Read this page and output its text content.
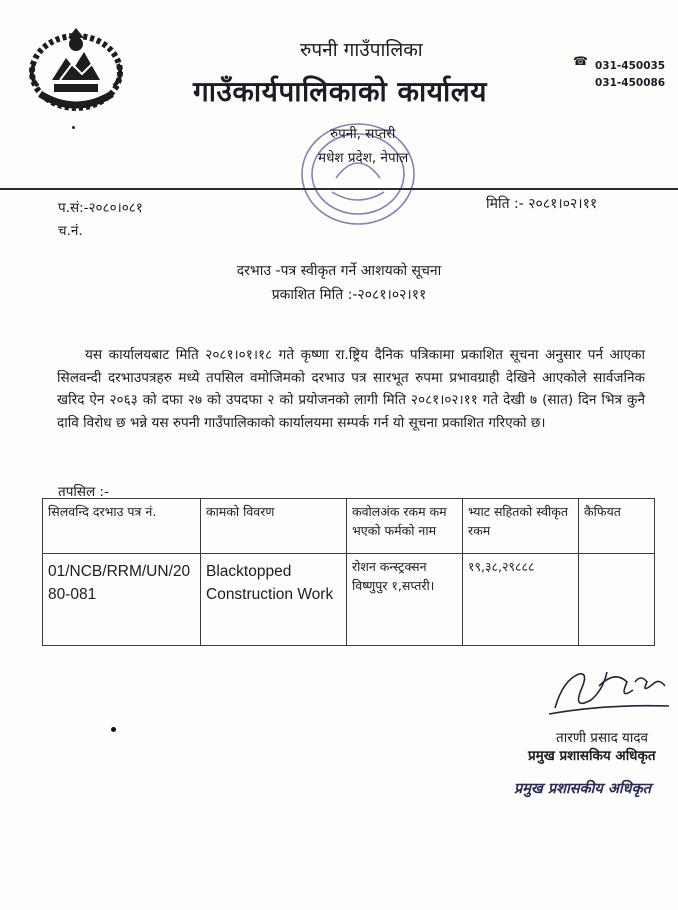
रुपनी गाउँपालिका
गाउँकार्यपालिकाको कार्यालय
☎ 031-450035
031-450086
रुपनी, सप्तरी
मधेश प्रदेश, नेपाल
प.सं:-२०८०।०८१
च.नं.
मिति :- २०८१।०२।११
दरभाउ -पत्र स्वीकृत गर्ने आशयको सूचना
प्रकाशित मिति :-२०८१।०२।११
यस कार्यालयबाट मिति २०८१।०१।१८ गते कृष्णा रा.ष्ट्रिय दैनिक पत्रिकामा प्रकाशित सूचना अनुसार पर्न आएका सिलवन्दी दरभाउपत्रहरु मध्ये तपसिल वमोजिमको दरभाउ पत्र सारभूत रुपमा प्रभावग्राही देखिने आएकोले सार्वजनिक खरिद ऐन २०६३ को दफा २७ को उपदफा २ को प्रयोजनको लागी मिति २०८१।०२।११ गते देखी ७ (सात) दिन भित्र कुनै दावि विरोध छ भन्ने यस रुपनी गाउँपालिकाको कार्यालयमा सम्पर्क गर्न यो सूचना प्रकाशित गरिएको छ।
तपसिल :-
सिलवन्दि दरभाउ पत्र नं.	कामको विवरण	कवोलअंक रकम कम भएको फर्मको नाम	भ्याट सहितको स्वीकृत रकम	कैफियत
01/NCB/RRM/UN/2080-081	Blacktopped Construction Work	रोशन कन्स्ट्रक्सन विष्णुपुर १,सप्तरी।	१९,३८,२९८८८	
तारणी प्रसाद यादव
प्रमुख प्रशासकिय अधिकृत
प्रमुख प्रशासकीय अधिकृत
